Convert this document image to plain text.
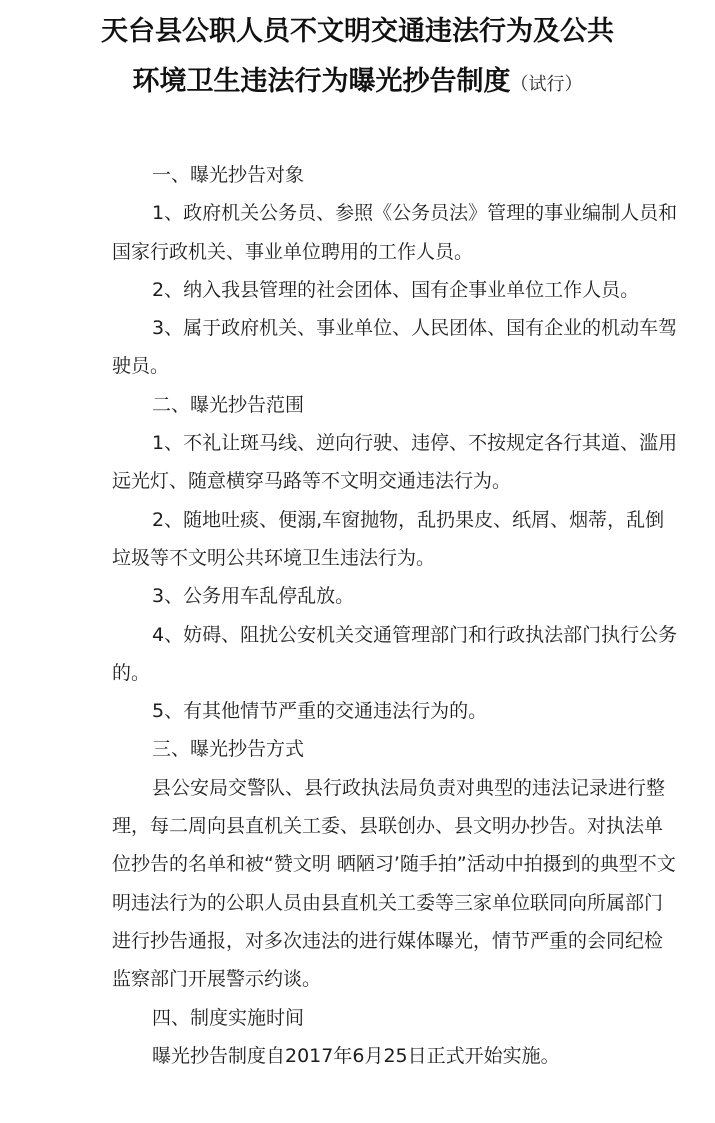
天台县公职人员不文明交通违法行为及公共
环境卫生违法行为曝光抄告制度（试行）

一、曝光抄告对象

1、政府机关公务员、参照《公务员法》管理的事业编制人员和国家行政机关、事业单位聘用的工作人员。

2、纳入我县管理的社会团体、国有企事业单位工作人员。

3、属于政府机关、事业单位、人民团体、国有企业的机动车驾驶员。

二、曝光抄告范围

1、不礼让斑马线、逆向行驶、违停、不按规定各行其道、滥用远光灯、随意横穿马路等不文明交通违法行为。

2、随地吐痰、便溺,车窗抛物，乱扔果皮、纸屑、烟蒂，乱倒垃圾等不文明公共环境卫生违法行为。

3、公务用车乱停乱放。

4、妨碍、阻扰公安机关交通管理部门和行政执法部门执行公务的。

5、有其他情节严重的交通违法行为的。

三、曝光抄告方式

县公安局交警队、县行政执法局负责对典型的违法记录进行整理，每二周向县直机关工委、县联创办、县文明办抄告。对执法单位抄告的名单和被“赞文明 晒陋习’随手拍”活动中拍摄到的典型不文明违法行为的公职人员由县直机关工委等三家单位联同向所属部门进行抄告通报，对多次违法的进行媒体曝光，情节严重的会同纪检监察部门开展警示约谈。

四、制度实施时间

曝光抄告制度自2017年6月25日正式开始实施。
